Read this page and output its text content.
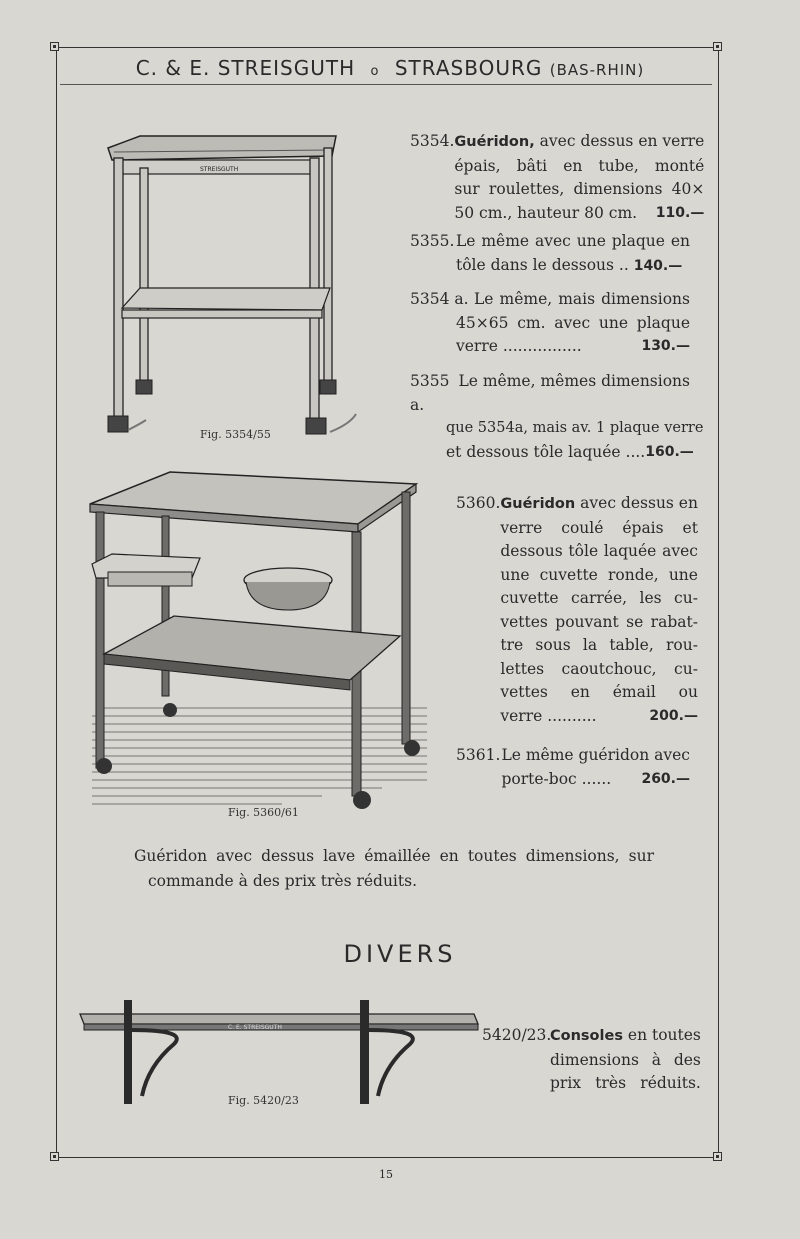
C. & E. STREISGUTH o STRASBOURG (BAS-RHIN)
STREISGUTH
Fig. 5354/55
5354. Guéridon, avec dessus en verre
épais, bâti en tube, monté
sur roulettes, dimensions 40×
50 cm., hauteur 80 cm. 110.—
5355. Le même avec une plaque en
tôle dans le dessous .. 140.—
5354 a. Le même, mais dimensions
45×65 cm. avec une plaque
verre ................	130.—
5355 a.
Le même, mêmes dimensions
que 5354a, mais av. 1 plaque verre
et dessous tôle laquée .... 160.—
Fig. 5360/61
5360. Guéridon avec dessus en
verre coulé épais et
dessous tôle laquée avec
une cuvette ronde, une
cuvette carrée, les cu-
vettes pouvant se rabat-
tre sous la table, rou-
lettes caoutchouc, cu-
vettes en émail ou
verre ..........	200.—
5361. Le même guéridon avec
porte-boc ...... 260.—
Guéridon avec dessus lave émaillée en toutes dimensions, sur
commande à des prix très réduits.
DIVERS
C. E. STREISGUTH
Fig. 5420/23
5420/23.
Consoles en toutes
dimensions à des
prix très réduits.
15
